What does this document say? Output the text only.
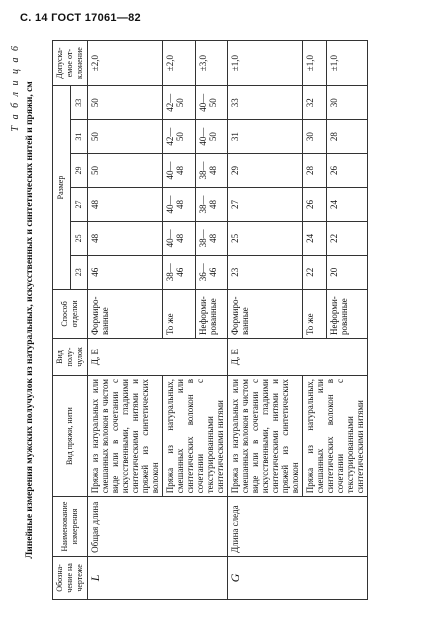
С. 14 ГОСТ 17061—82
Т а б л и ц а 6 Линейные измерения мужских получулок из натуральных, искусственных и синтетических нитей и пряжи, см
Обозна-чение на чертеже	Наименование измерения	Вид пряжи, нити	Вид полу-чулок	Способ отделки	Размер						Допуска-емое от-клонение
					23	25	27	29	31	33	
L	Общая длина	Пряжа из натуральных или смешанных волокон в чистом виде или в сочетании с искусственными, гладкими синтетическими нитями и пряжей из синтетических волокон	Д, Е	Формиро-ванные	46	48	48	50	50	50	±2,0
		Пряжа из натуральных, смешанных или синтетических волокон в сочетании с текстурированными синтетическими нитями		То же	38—46	40—48	40—48	40—48	42—50	42—50	±2,0
				Неформи-рованные	36—46	38—48	38—48	38—48	40—50	40—50	±3,0
G	Длина следа	Пряжа из натуральных или смешанных волокон в чистом виде или в сочетании с искусственными, гладкими синтетическими нитями и пряжей из синтетических волокон	Д, Е	Формиро-ванные	23	25	27	29	31	33	±1,0
		Пряжа из натуральных, смешанных или синтетических волокон в сочетании с текстурированными синтетическими нитями		То же	22	24	26	28	30	32	±1,0
				Неформи-рованные	20	22	24	26	28	30	±1,0
